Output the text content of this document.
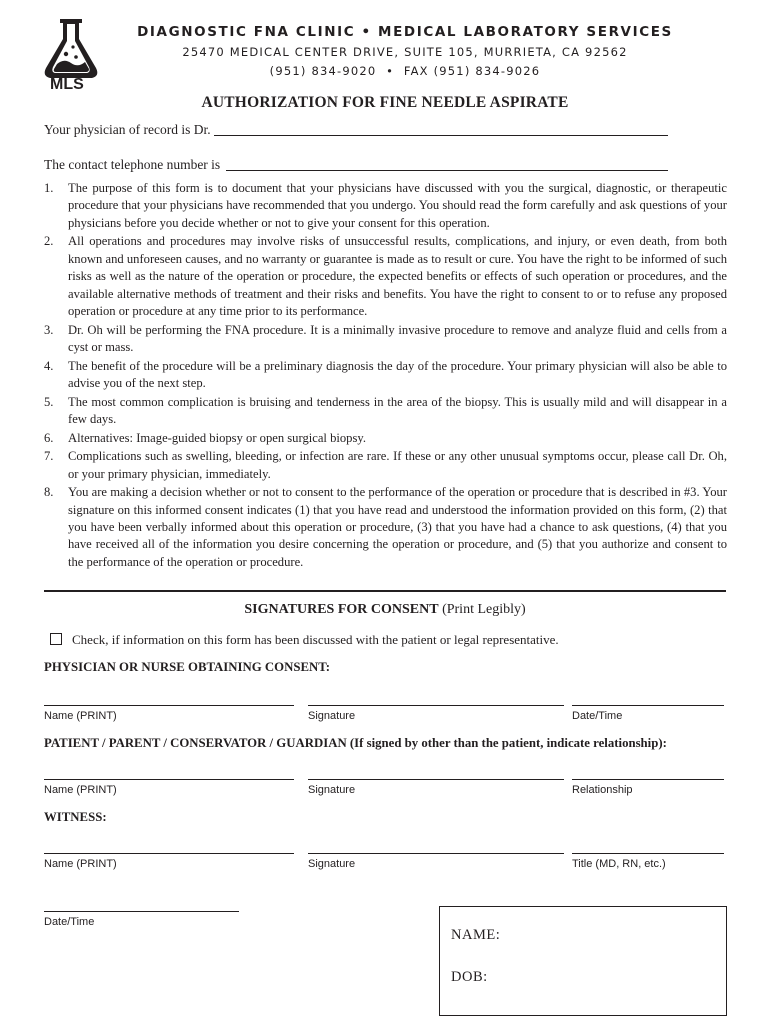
MLS
DIAGNOSTIC FNA CLINIC • MEDICAL LABORATORY SERVICES
25470 MEDICAL CENTER DRIVE, SUITE 105, MURRIETA, CA 92562
(951) 834-9020  •  FAX (951) 834-9026
AUTHORIZATION FOR FINE NEEDLE ASPIRATE
Your physician of record is Dr.
The contact telephone number is
1. The purpose of this form is to document that your physicians have discussed with you the surgical, diagnostic, or therapeutic procedure that your physicians have recommended that you undergo. You should read the form carefully and ask questions of your physicians before you decide whether or not to give your consent for this operation.
2. All operations and procedures may involve risks of unsuccessful results, complications, and injury, or even death, from both known and unforeseen causes, and no warranty or guarantee is made as to result or cure. You have the right to be informed of such risks as well as the nature of the operation or procedure, the expected benefits or effects of such operation or procedures, and the available alternative methods of treatment and their risks and benefits. You have the right to consent to or to refuse any proposed operation or procedure at any time prior to its performance.
3. Dr. Oh will be performing the FNA procedure. It is a minimally invasive procedure to remove and analyze fluid and cells from a cyst or mass.
4. The benefit of the procedure will be a preliminary diagnosis the day of the procedure. Your primary physician will also be able to advise you of the next step.
5. The most common complication is bruising and tenderness in the area of the biopsy. This is usually mild and will disappear in a few days.
6. Alternatives: Image-guided biopsy or open surgical biopsy.
7. Complications such as swelling, bleeding, or infection are rare. If these or any other unusual symptoms occur, please call Dr. Oh, or your primary physician, immediately.
8. You are making a decision whether or not to consent to the performance of the operation or procedure that is described in #3. Your signature on this informed consent indicates (1) that you have read and understood the information provided on this form, (2) that you have been verbally informed about this operation or procedure, (3) that you have had a chance to ask questions, (4) that you have received all of the information you desire concerning the operation or procedure, and (5) that you authorize and consent to the performance of the operation or procedure.
SIGNATURES FOR CONSENT (Print Legibly)
Check, if information on this form has been discussed with the patient or legal representative.
PHYSICIAN OR NURSE OBTAINING CONSENT:
Name (PRINT)	Signature	Date/Time
PATIENT / PARENT / CONSERVATOR / GUARDIAN (If signed by other than the patient, indicate relationship):
Name (PRINT)	Signature	Relationship
WITNESS:
Name (PRINT)	Signature	Title (MD, RN, etc.)
Date/Time
NAME:
DOB:
